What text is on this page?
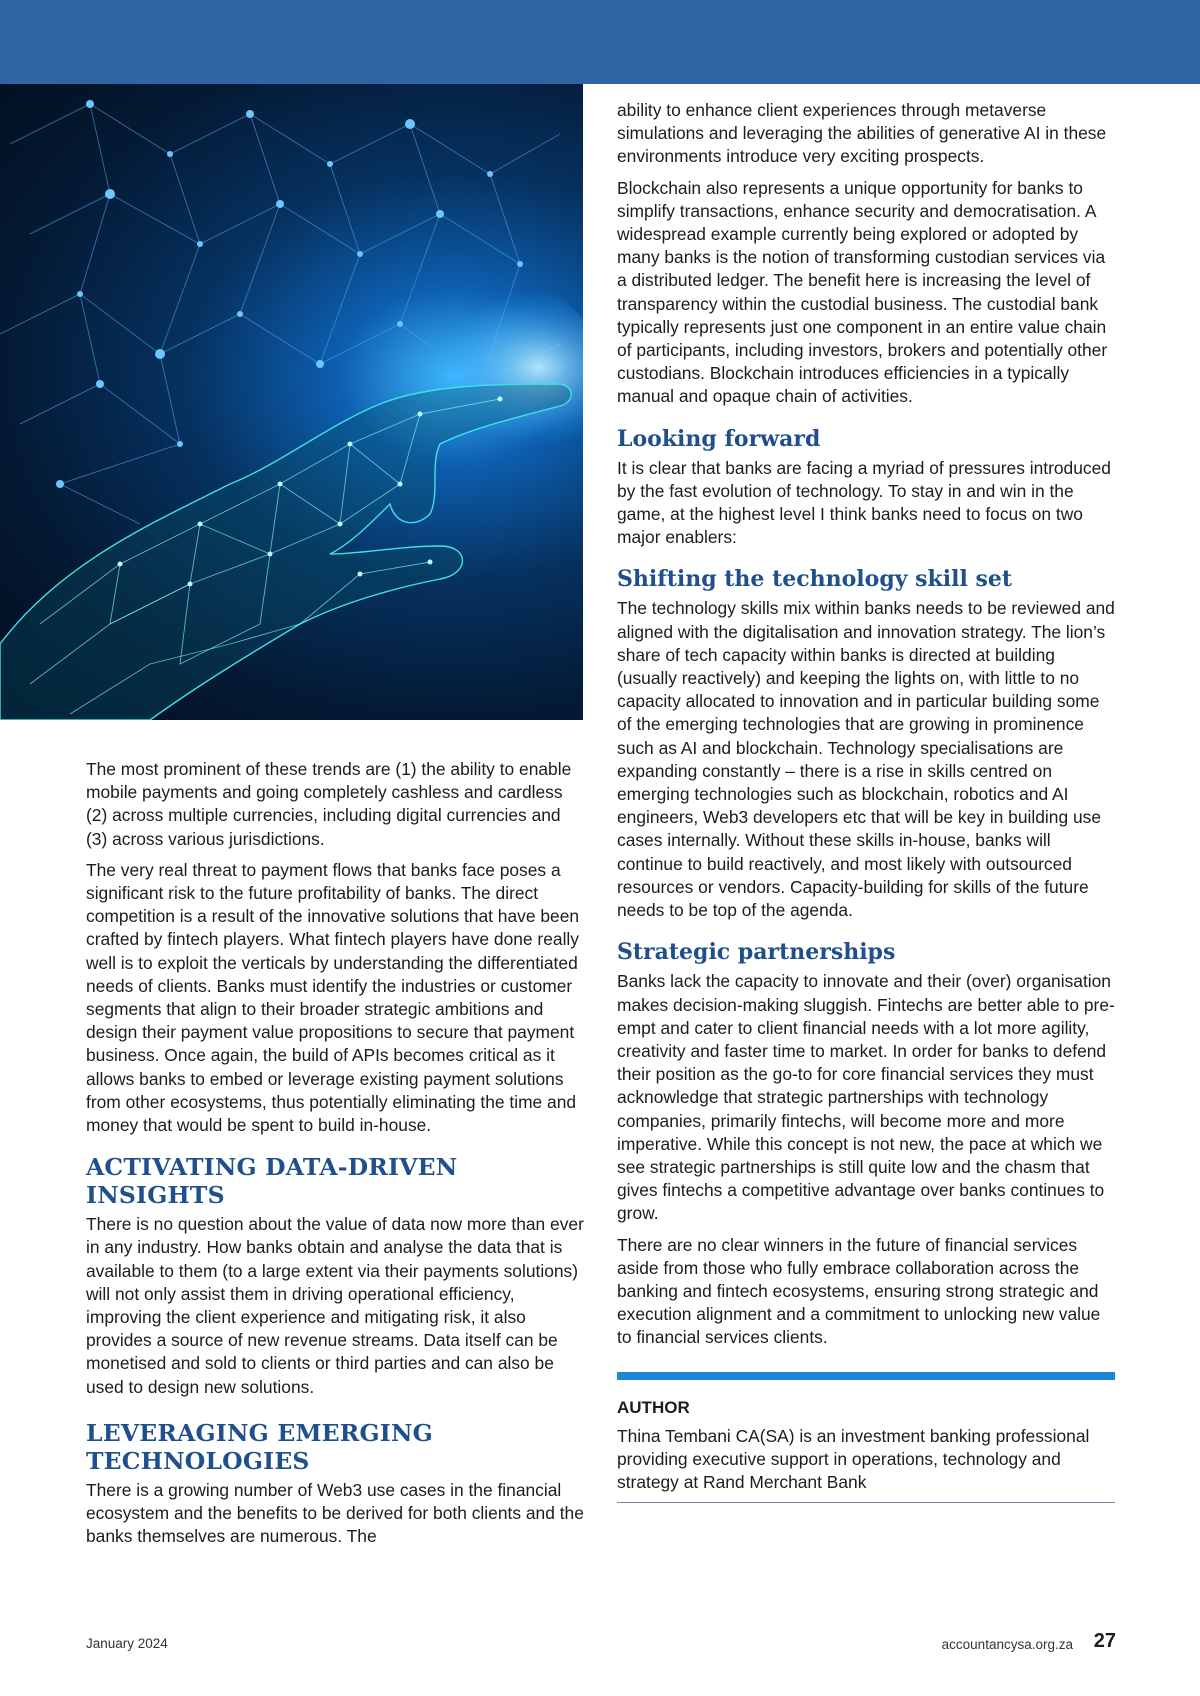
The most prominent of these trends are (1) the ability to enable mobile payments and going completely cashless and cardless (2) across multiple currencies, including digital currencies and (3) across various jurisdictions.

The very real threat to payment flows that banks face poses a significant risk to the future profitability of banks. The direct competition is a result of the innovative solutions that have been crafted by fintech players. What fintech players have done really well is to exploit the verticals by understanding the differentiated needs of clients. Banks must identify the industries or customer segments that align to their broader strategic ambitions and design their payment value propositions to secure that payment business. Once again, the build of APIs becomes critical as it allows banks to embed or leverage existing payment solutions from other ecosystems, thus potentially eliminating the time and money that would be spent to build in-house.

ACTIVATING DATA-DRIVEN INSIGHTS

There is no question about the value of data now more than ever in any industry. How banks obtain and analyse the data that is available to them (to a large extent via their payments solutions) will not only assist them in driving operational efficiency, improving the client experience and mitigating risk, it also provides a source of new revenue streams. Data itself can be monetised and sold to clients or third parties and can also be used to design new solutions.

LEVERAGING EMERGING TECHNOLOGIES

There is a growing number of Web3 use cases in the financial ecosystem and the benefits to be derived for both clients and the banks themselves are numerous. The

ability to enhance client experiences through metaverse simulations and leveraging the abilities of generative AI in these environments introduce very exciting prospects.

Blockchain also represents a unique opportunity for banks to simplify transactions, enhance security and democratisation. A widespread example currently being explored or adopted by many banks is the notion of transforming custodian services via a distributed ledger. The benefit here is increasing the level of transparency within the custodial business. The custodial bank typically represents just one component in an entire value chain of participants, including investors, brokers and potentially other custodians. Blockchain introduces efficiencies in a typically manual and opaque chain of activities.

Looking forward

It is clear that banks are facing a myriad of pressures introduced by the fast evolution of technology. To stay in and win in the game, at the highest level I think banks need to focus on two major enablers:

Shifting the technology skill set

The technology skills mix within banks needs to be reviewed and aligned with the digitalisation and innovation strategy. The lion’s share of tech capacity within banks is directed at building (usually reactively) and keeping the lights on, with little to no capacity allocated to innovation and in particular building some of the emerging technologies that are growing in prominence such as AI and blockchain. Technology specialisations are expanding constantly – there is a rise in skills centred on emerging technologies such as blockchain, robotics and AI engineers, Web3 developers etc that will be key in building use cases internally. Without these skills in-house, banks will continue to build reactively, and most likely with outsourced resources or vendors. Capacity-building for skills of the future needs to be top of the agenda.

Strategic partnerships

Banks lack the capacity to innovate and their (over) organisation makes decision-making sluggish. Fintechs are better able to pre-empt and cater to client financial needs with a lot more agility, creativity and faster time to market. In order for banks to defend their position as the go-to for core financial services they must acknowledge that strategic partnerships with technology companies, primarily fintechs, will become more and more imperative. While this concept is not new, the pace at which we see strategic partnerships is still quite low and the chasm that gives fintechs a competitive advantage over banks continues to grow.

There are no clear winners in the future of financial services aside from those who fully embrace collaboration across the banking and fintech ecosystems, ensuring strong strategic and execution alignment and a commitment to unlocking new value to financial services clients.

AUTHOR

Thina Tembani CA(SA) is an investment banking professional providing executive support in operations, technology and strategy at Rand Merchant Bank

January 2024	accountancysa.org.za 27
